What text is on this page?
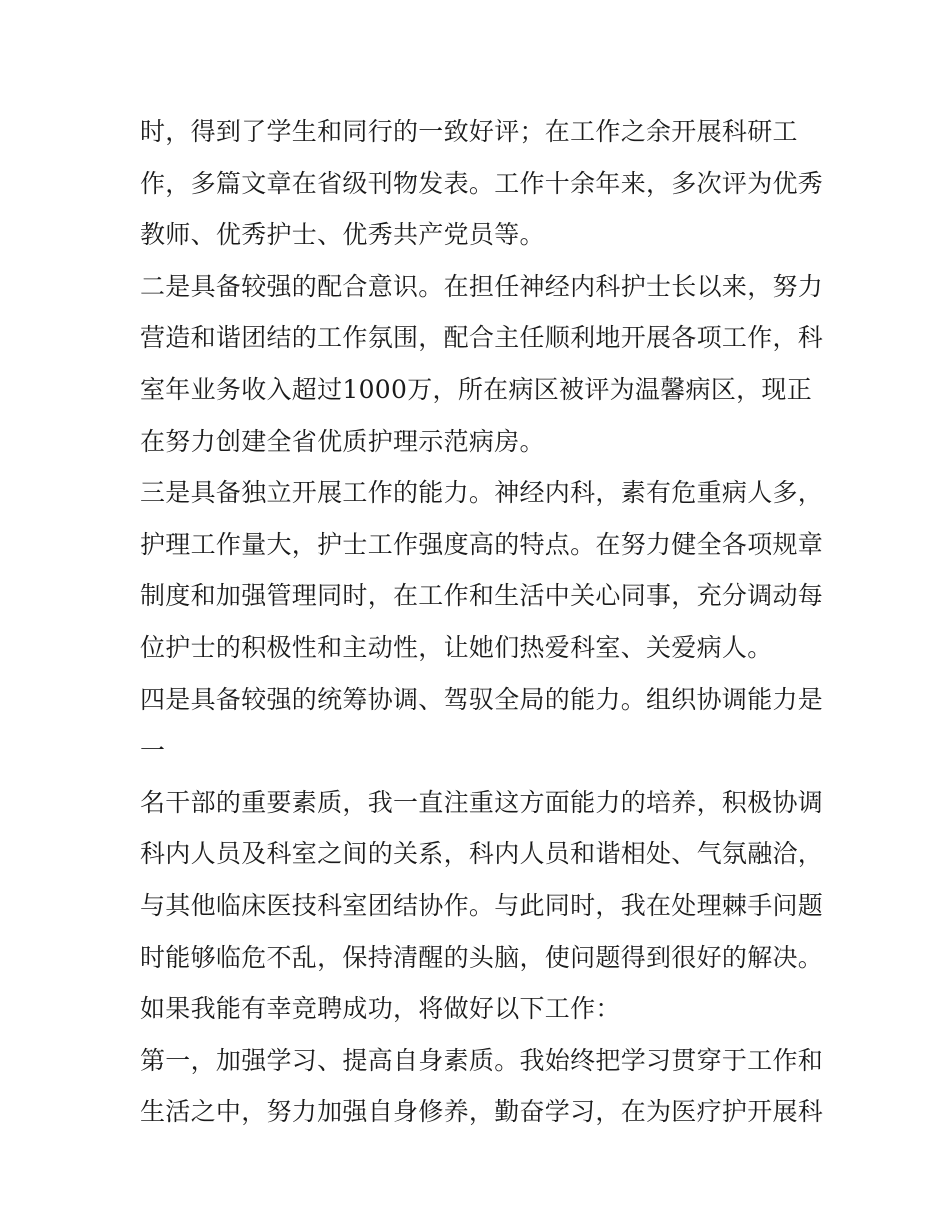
时，得到了学生和同行的一致好评；在工作之余开展科研工
作，多篇文章在省级刊物发表。工作十余年来，多次评为优秀
教师、优秀护士、优秀共产党员等。
二是具备较强的配合意识。在担任神经内科护士长以来，努力
营造和谐团结的工作氛围，配合主任顺利地开展各项工作，科
室年业务收入超过1000万，所在病区被评为温馨病区，现正
在努力创建全省优质护理示范病房。
三是具备独立开展工作的能力。神经内科，素有危重病人多，
护理工作量大，护士工作强度高的特点。在努力健全各项规章
制度和加强管理同时，在工作和生活中关心同事，充分调动每
位护士的积极性和主动性，让她们热爱科室、关爱病人。
四是具备较强的统筹协调、驾驭全局的能力。组织协调能力是
一
名干部的重要素质，我一直注重这方面能力的培养，积极协调
科内人员及科室之间的关系，科内人员和谐相处、气氛融洽，
与其他临床医技科室团结协作。与此同时，我在处理棘手问题
时能够临危不乱，保持清醒的头脑，使问题得到很好的解决。
如果我能有幸竞聘成功，将做好以下工作：
第一，加强学习、提高自身素质。我始终把学习贯穿于工作和
生活之中，努力加强自身修养，勤奋学习，在为医疗护开展科
